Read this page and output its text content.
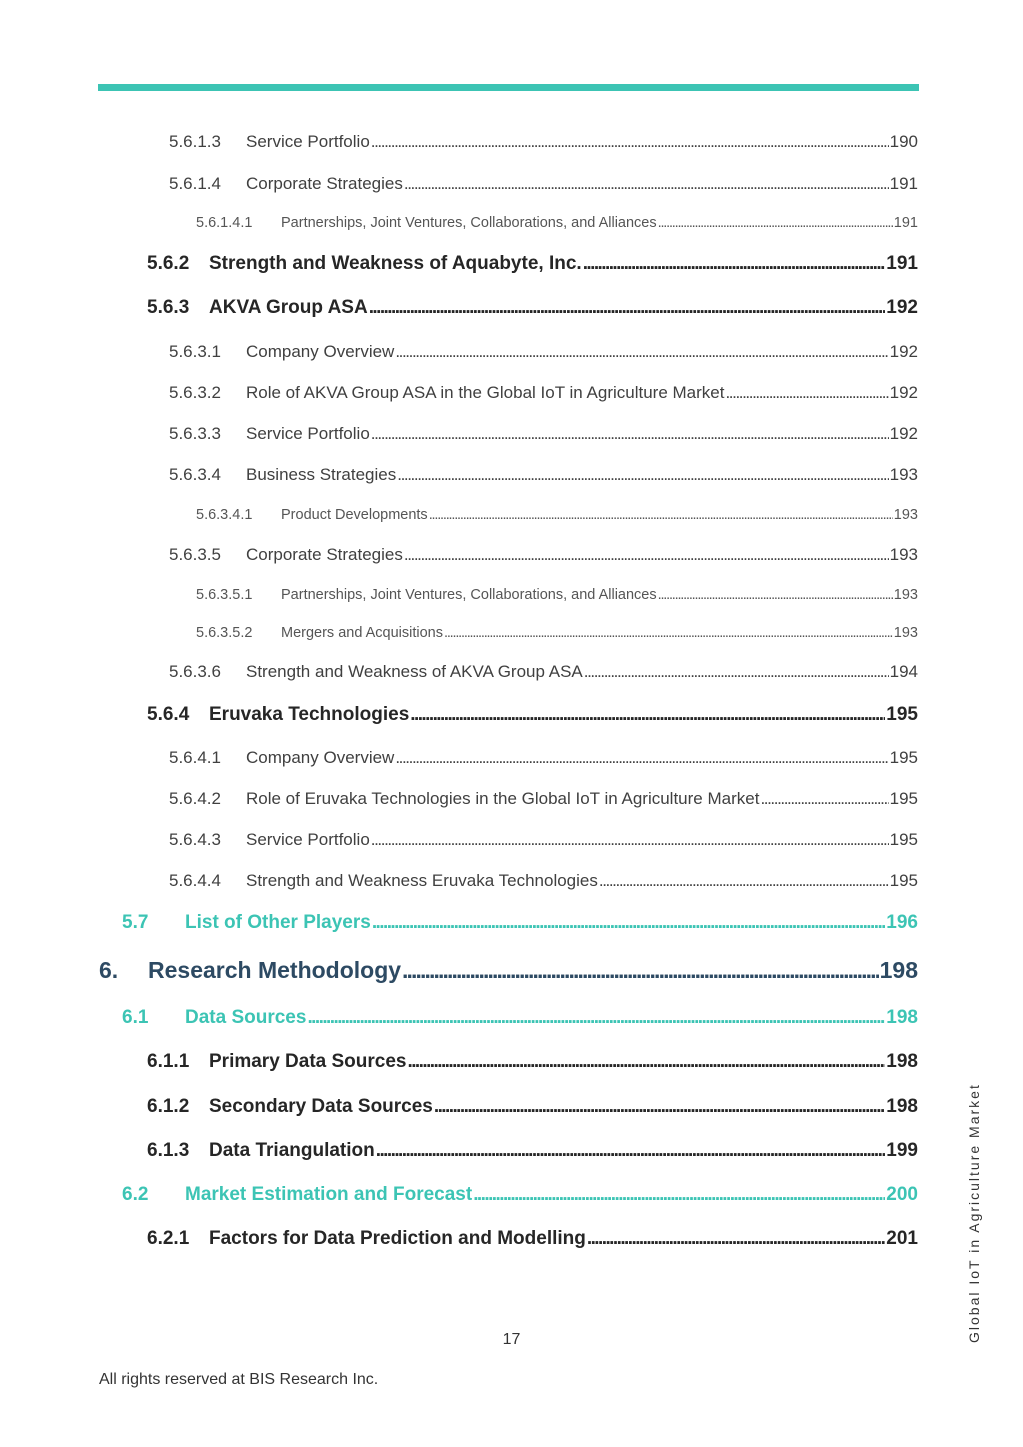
5.6.1.3	Service Portfolio . . .	190
5.6.1.4	Corporate Strategies . . .	191
5.6.1.4.1	Partnerships, Joint Ventures, Collaborations, and Alliances . . .	191
5.6.2	Strength and Weakness of Aquabyte, Inc. . . .	191
5.6.3	AKVA Group ASA . . .	192
5.6.3.1	Company Overview . . .	192
5.6.3.2	Role of AKVA Group ASA in the Global IoT in Agriculture Market . . .	192
5.6.3.3	Service Portfolio . . .	192
5.6.3.4	Business Strategies . . .	193
5.6.3.4.1	Product Developments . . .	193
5.6.3.5	Corporate Strategies . . .	193
5.6.3.5.1	Partnerships, Joint Ventures, Collaborations, and Alliances . . .	193
5.6.3.5.2	Mergers and Acquisitions . . .	193
5.6.3.6	Strength and Weakness of AKVA Group ASA . . .	194
5.6.4	Eruvaka Technologies . . .	195
5.6.4.1	Company Overview . . .	195
5.6.4.2	Role of Eruvaka Technologies in the Global IoT in Agriculture Market . . .	195
5.6.4.3	Service Portfolio . . .	195
5.6.4.4	Strength and Weakness Eruvaka Technologies . . .	195
5.7	List of Other Players . . .	196
6.	Research Methodology . . .	198
6.1	Data Sources . . .	198
6.1.1	Primary Data Sources . . .	198
6.1.2	Secondary Data Sources . . .	198
6.1.3	Data Triangulation . . .	199
6.2	Market Estimation and Forecast . . .	200
6.2.1	Factors for Data Prediction and Modelling . . .	201	Global IoT in Agriculture Market
17
All rights reserved at BIS Research Inc.
